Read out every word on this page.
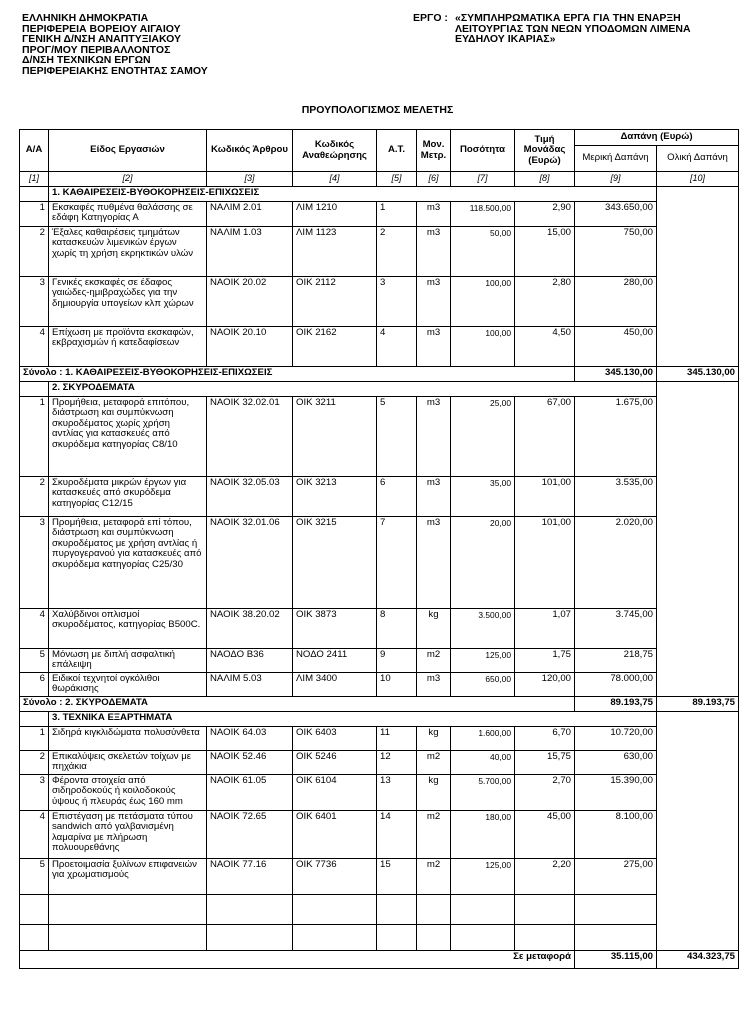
ΕΛΛΗΝΙΚΗ ΔΗΜΟΚΡΑΤΙΑ
ΠΕΡΙΦΕΡΕΙΑ ΒΟΡΕΙΟΥ ΑΙΓΑΙΟΥ
ΓΕΝΙΚΗ Δ/ΝΣΗ ΑΝΑΠΤΥΞΙΑΚΟΥ
ΠΡΟΓ/ΜΟΥ ΠΕΡΙΒΑΛΛΟΝΤΟΣ
Δ/ΝΣΗ ΤΕΧΝΙΚΩΝ ΕΡΓΩΝ
ΠΕΡΙΦΕΡΕΙΑΚΗΣ ΕΝΟΤΗΤΑΣ ΣΑΜΟΥ
ΕΡΓΟ : «ΣΥΜΠΛΗΡΩΜΑΤΙΚΑ ΕΡΓΑ ΓΙΑ ΤΗΝ ΕΝΑΡΞΗ ΛΕΙΤΟΥΡΓΙΑΣ ΤΩΝ ΝΕΩΝ ΥΠΟΔΟΜΩΝ ΛΙΜΕΝΑ ΕΥΔΗΛΟΥ ΙΚΑΡΙΑΣ»
ΠΡΟΥΠΟΛΟΓΙΣΜΟΣ ΜΕΛΕΤΗΣ
Α/Α	Είδος Εργασιών	Κωδικός Άρθρου	Κωδικός Αναθεώρησης	Α.Τ.	Μον. Μετρ.	Ποσότητα	Τιμή Μονάδας (Ευρώ)	Δαπάνη (Ευρώ)	
								Μερική Δαπάνη	Ολική Δαπάνη
[1]	[2]	[3]	[4]	[5]	[6]	[7]	[8]	[9]	[10]
	1. ΚΑΘΑΙΡΕΣΕΙΣ-ΒΥΘΟΚΟΡΗΣΕΙΣ-ΕΠΙΧΩΣΕΙΣ								
1	Εκσκαφές πυθμένα θαλάσσης σε εδάφη Κατηγορίας Α	ΝΑΛΙΜ 2.01	ΛΙΜ 1210	1	m3	118.500,00	2,90	343.650,00	
2	Έξαλες καθαιρέσεις τμημάτων κατασκευών λιμενικών έργων χωρίς τη χρήση εκρηκτικών υλών	ΝΑΛΙΜ 1.03	ΛΙΜ 1123	2	m3	50,00	15,00	750,00	
3	Γενικές εκσκαφές σε έδαφος γαιώδες-ημιβραχώδες για την δημιουργία υπογείων κλπ χώρων	ΝΑΟΙΚ 20.02	ΟΙΚ 2112	3	m3	100,00	2,80	280,00	
4	Επίχωση με προϊόντα εκσκαφών, εκβραχισμών ή κατεδαφίσεων	ΝΑΟΙΚ 20.10	ΟΙΚ 2162	4	m3	100,00	4,50	450,00	
Σύνολο : 1. ΚΑΘΑΙΡΕΣΕΙΣ-ΒΥΘΟΚΟΡΗΣΕΙΣ-ΕΠΙΧΩΣΕΙΣ								345.130,00	345.130,00
	2. ΣΚΥΡΟΔΕΜΑΤΑ								
1	Προμήθεια, μεταφορά επιτόπου, διάστρωση και συμπύκνωση σκυροδέματος χωρίς χρήση αντλίας για κατασκευές από σκυρόδεμα κατηγορίας C8/10	ΝΑΟΙΚ 32.02.01	ΟΙΚ 3211	5	m3	25,00	67,00	1.675,00	
2	Σκυροδέματα μικρών έργων για κατασκευές από σκυρόδεμα κατηγορίας C12/15	ΝΑΟΙΚ 32.05.03	ΟΙΚ 3213	6	m3	35,00	101,00	3.535,00	
3	Προμήθεια, μεταφορά επί τόπου, διάστρωση και συμπύκνωση σκυροδέματος με χρήση αντλίας ή πυργογερανού για κατασκευές από σκυρόδεμα κατηγορίας C25/30	ΝΑΟΙΚ 32.01.06	ΟΙΚ 3215	7	m3	20,00	101,00	2.020,00	
4	Χαλύβδινοι οπλισμοί σκυροδέματος, κατηγορίας B500C.	ΝΑΟΙΚ 38.20.02	ΟΙΚ 3873	8	kg	3.500,00	1,07	3.745,00	
5	Μόνωση με διπλή ασφαλτική επάλειψη	ΝΑΟΔΟ Β36	ΝΟΔΟ 2411	9	m2	125,00	1,75	218,75	
6	Ειδικοί τεχνητοί ογκόλιθοι θωράκισης	ΝΑΛΙΜ 5.03	ΛΙΜ 3400	10	m3	650,00	120,00	78.000,00	
Σύνολο : 2. ΣΚΥΡΟΔΕΜΑΤΑ								89.193,75	89.193,75
	3. ΤΕΧΝΙΚΑ ΕΞΑΡΤΗΜΑΤΑ								
1	Σιδηρά κιγκλιδώματα πολυσύνθετα	ΝΑΟΙΚ 64.03	ΟΙΚ 6403	11	kg	1.600,00	6,70	10.720,00	
2	Επικαλύψεις σκελετών τοίχων με πηχάκια	ΝΑΟΙΚ 52.46	ΟΙΚ 5246	12	m2	40,00	15,75	630,00	
3	Φέροντα στοιχεία από σιδηροδοκούς ή κοιλοδοκούς ύψους ή πλευράς έως 160 mm	ΝΑΟΙΚ 61.05	ΟΙΚ 6104	13	kg	5.700,00	2,70	15.390,00	
4	Επιστέγαση με πετάσματα τύπου sandwich από γαλβανισμένη λαμαρίνα με πλήρωση πολυουρεθάνης	ΝΑΟΙΚ 72.65	ΟΙΚ 6401	14	m2	180,00	45,00	8.100,00	
5	Προετοιμασία ξυλίνων επιφανειών για χρωματισμούς	ΝΑΟΙΚ 77.16	ΟΙΚ 7736	15	m2	125,00	2,20	275,00	

Σε μεταφορά								35.115,00	434.323,75
